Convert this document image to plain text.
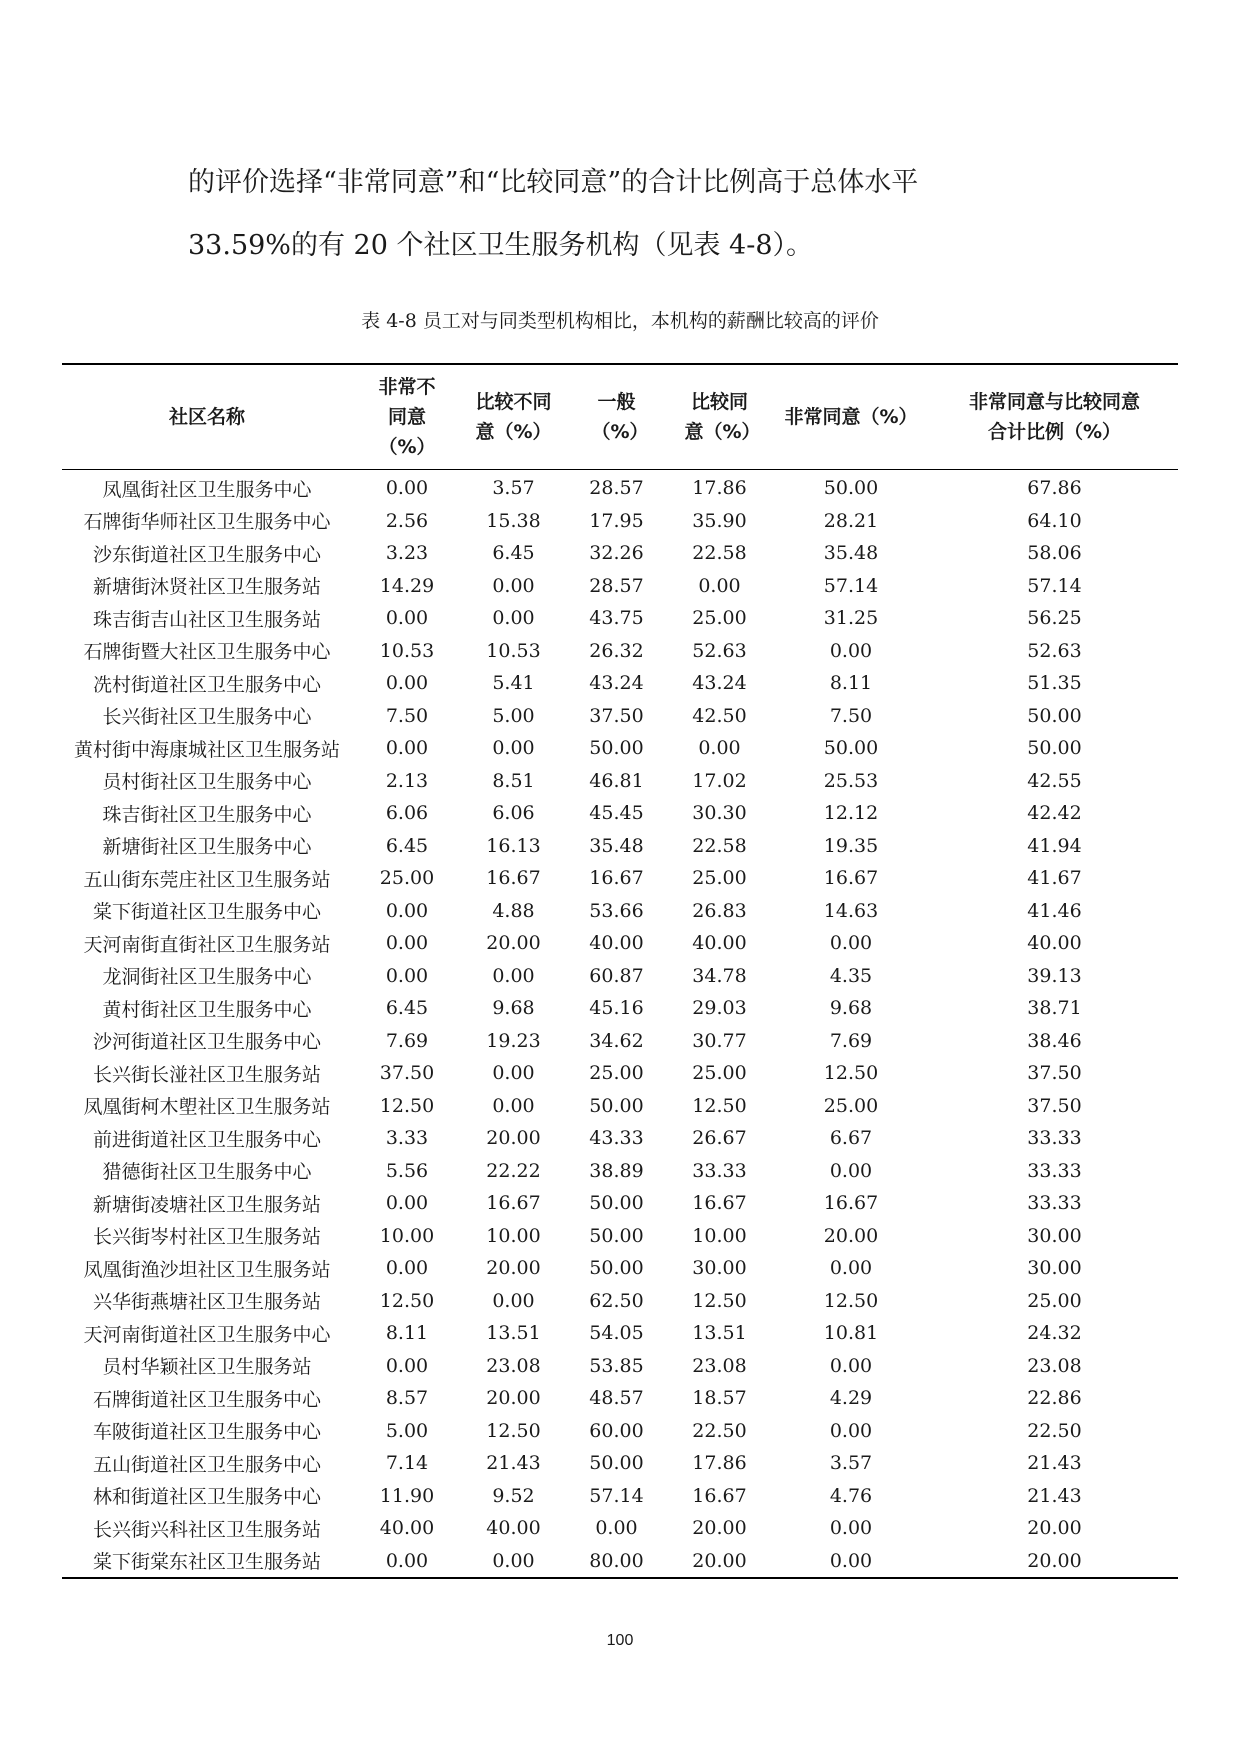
的评价选择“非常同意”和“比较同意”的合计比例高于总体水平
33.59%的有 20 个社区卫生服务机构（见表 4-8）。
表 4-8 员工对与同类型机构相比，本机构的薪酬比较高的评价
社区名称	非常不同意（%）	比较不同意（%）	一般（%）	比较同意（%）	非常同意（%）	非常同意与比较同意合计比例（%）
凤凰街社区卫生服务中心	0.00	3.57	28.57	17.86	50.00	67.86
石牌街华师社区卫生服务中心	2.56	15.38	17.95	35.90	28.21	64.10
沙东街道社区卫生服务中心	3.23	6.45	32.26	22.58	35.48	58.06
新塘街沐贤社区卫生服务站	14.29	0.00	28.57	0.00	57.14	57.14
珠吉街吉山社区卫生服务站	0.00	0.00	43.75	25.00	31.25	56.25
石牌街暨大社区卫生服务中心	10.53	10.53	26.32	52.63	0.00	52.63
冼村街道社区卫生服务中心	0.00	5.41	43.24	43.24	8.11	51.35
长兴街社区卫生服务中心	7.50	5.00	37.50	42.50	7.50	50.00
黄村街中海康城社区卫生服务站	0.00	0.00	50.00	0.00	50.00	50.00
员村街社区卫生服务中心	2.13	8.51	46.81	17.02	25.53	42.55
珠吉街社区卫生服务中心	6.06	6.06	45.45	30.30	12.12	42.42
新塘街社区卫生服务中心	6.45	16.13	35.48	22.58	19.35	41.94
五山街东莞庄社区卫生服务站	25.00	16.67	16.67	25.00	16.67	41.67
棠下街道社区卫生服务中心	0.00	4.88	53.66	26.83	14.63	41.46
天河南街直街社区卫生服务站	0.00	20.00	40.00	40.00	0.00	40.00
龙洞街社区卫生服务中心	0.00	0.00	60.87	34.78	4.35	39.13
黄村街社区卫生服务中心	6.45	9.68	45.16	29.03	9.68	38.71
沙河街道社区卫生服务中心	7.69	19.23	34.62	30.77	7.69	38.46
长兴街长湴社区卫生服务站	37.50	0.00	25.00	25.00	12.50	37.50
凤凰街柯木塱社区卫生服务站	12.50	0.00	50.00	12.50	25.00	37.50
前进街道社区卫生服务中心	3.33	20.00	43.33	26.67	6.67	33.33
猎德街社区卫生服务中心	5.56	22.22	38.89	33.33	0.00	33.33
新塘街凌塘社区卫生服务站	0.00	16.67	50.00	16.67	16.67	33.33
长兴街岑村社区卫生服务站	10.00	10.00	50.00	10.00	20.00	30.00
凤凰街渔沙坦社区卫生服务站	0.00	20.00	50.00	30.00	0.00	30.00
兴华街燕塘社区卫生服务站	12.50	0.00	62.50	12.50	12.50	25.00
天河南街道社区卫生服务中心	8.11	13.51	54.05	13.51	10.81	24.32
员村华颖社区卫生服务站	0.00	23.08	53.85	23.08	0.00	23.08
石牌街道社区卫生服务中心	8.57	20.00	48.57	18.57	4.29	22.86
车陂街道社区卫生服务中心	5.00	12.50	60.00	22.50	0.00	22.50
五山街道社区卫生服务中心	7.14	21.43	50.00	17.86	3.57	21.43
林和街道社区卫生服务中心	11.90	9.52	57.14	16.67	4.76	21.43
长兴街兴科社区卫生服务站	40.00	40.00	0.00	20.00	0.00	20.00
棠下街棠东社区卫生服务站	0.00	0.00	80.00	20.00	0.00	20.00
100
